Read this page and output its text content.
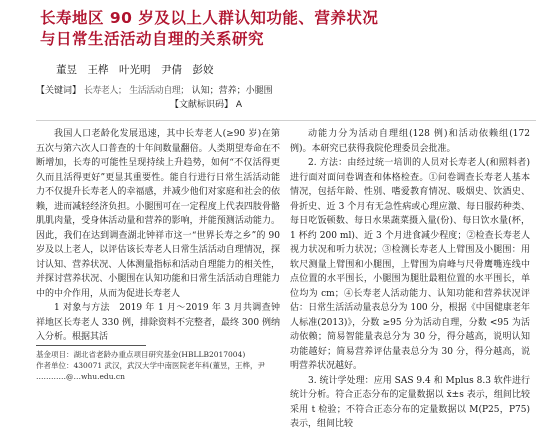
长寿地区 90 岁及以上人群认知功能、营养状况
与日常生活活动自理的关系研究
董昱　王桦　叶光明　尹倩　彭姣
【关键词】 长寿老人； 生活活动自理； 认知；营养；小腿围
【文献标识码】 A

我国人口老龄化发展迅速，其中长寿老人(≥90 岁)在第五次与第六次人口普查的十年间数量翻倍。人类期望寿命在不断增加，长寿的可能性呈现持续上升趋势，如何“不仅活得更久而且活得更好”更显其重要性。能自行进行日常生活活动能力不仅提升长寿老人的幸福感，并减少他们对家庭和社会的依赖，进而减轻经济负担。小腿围可在一定程度上代表四肢骨骼肌肌肉量，受身体活动量和营养的影响，并能预测活动能力。因此，我们在达到调查湖北钟祥市这一“世界长寿之乡”的 90 岁及以上老人，以评估该长寿老人日常生活活动自理情况，探讨认知、营养状况、人体测量指标和活动自理能力的相关性，并探讨营养状况、小腿围在认知功能和日常生活活动自理能力中的中介作用，从而为促进长寿老人

1 对象与方法　2019 年 1 月～2019 年 3 月共调查钟祥地区长寿老人 330 例，排除资料不完整者，最终 300 例纳入分析。根据其活

动能力分为活动自理组(128 例)和活动依赖组(172 例)。本研究已获得我院伦理委员会批准。

2. 方法：由经过统一培训的人员对长寿老人(和照料者)进行面对面问卷调查和体格检查。①问卷调查长寿老人基本情况，包括年龄、性别、嗜爱教育情况、吸烟史、饮酒史、骨折史、近 3 个月有无急性病或心理应激、每日服药种类、每日吃饭顿数、每日水果蔬菜摄入量(份)、每日饮水量(杯，1 杯约 200 ml)、近 3 个月进食减少程度；②检查长寿老人视力状况和听力状况；③检测长寿老人上臂围及小腿围：用软尺测量上臂围和小腿围，上臂围为肩峰与尺骨鹰嘴连线中点位置的水平围长，小腿围为腿肚最粗位置的水平围长，单位均为 cm；④长寿老人活动能力、认知功能和营养状况评估：日常生活活动量表总分为 100 分，根据《中国健康老年人标准(2013)》，分数 ≥95 分为活动自理，分数 <95 为活动依赖；简易智能量表总分为 30 分，得分越高，说明认知功能越好；简易营养评估量表总分为 30 分，得分越高，说明营养状况越好。

3. 统计学处理：应用 SAS 9.4 和 Mplus 8.3 软件进行统计分析。符合正态分布的定量数据以 x̄±s 表示，组间比较采用 t 检验；不符合正态分布的定量数据以 M(P25，P75)表示，组间比较

基金项目：湖北省老龄办重点项目研究基金(HBLLB2017004)

作者单位：430071 武汉，武汉大学中南医院老年科(董昱，王桦，尹

…………@…whu.edu.cn
